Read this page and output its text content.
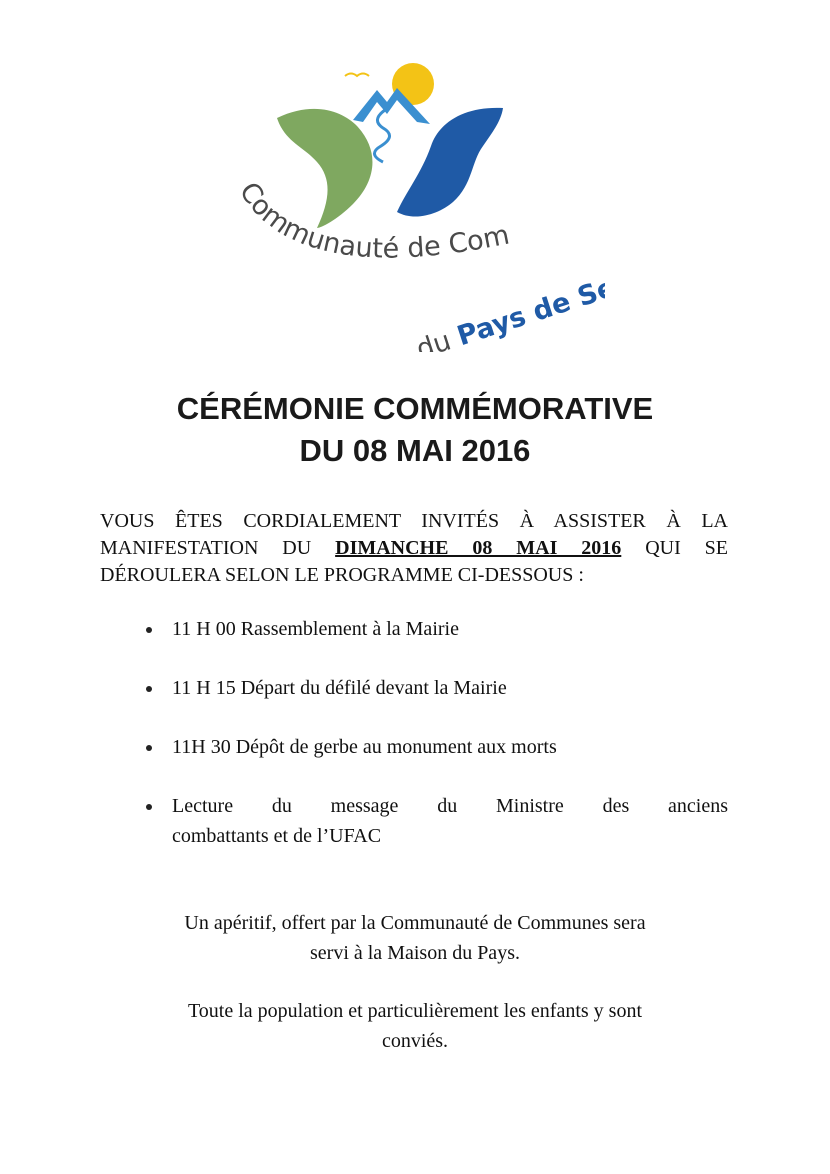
Communauté de Com
du Pays de Seyne
CÉRÉMONIE COMMÉMORATIVE
DU 08 MAI 2016
VOUS ÊTES CORDIALEMENT INVITÉS À ASSISTER À LA
MANIFESTATION DU DIMANCHE 08 MAI 2016 QUI SE
DÉROULERA SELON LE PROGRAMME CI-DESSOUS :
11 H 00 Rassemblement à la Mairie
11 H 15 Départ du défilé devant la Mairie
11H 30 Dépôt de gerbe au monument aux morts
Lecture du message du Ministre des anciens
combattants et de l’UFAC
Un apéritif, offert par la Communauté de Communes sera
servi à la Maison du Pays.
Toute la population et particulièrement les enfants y sont
conviés.
